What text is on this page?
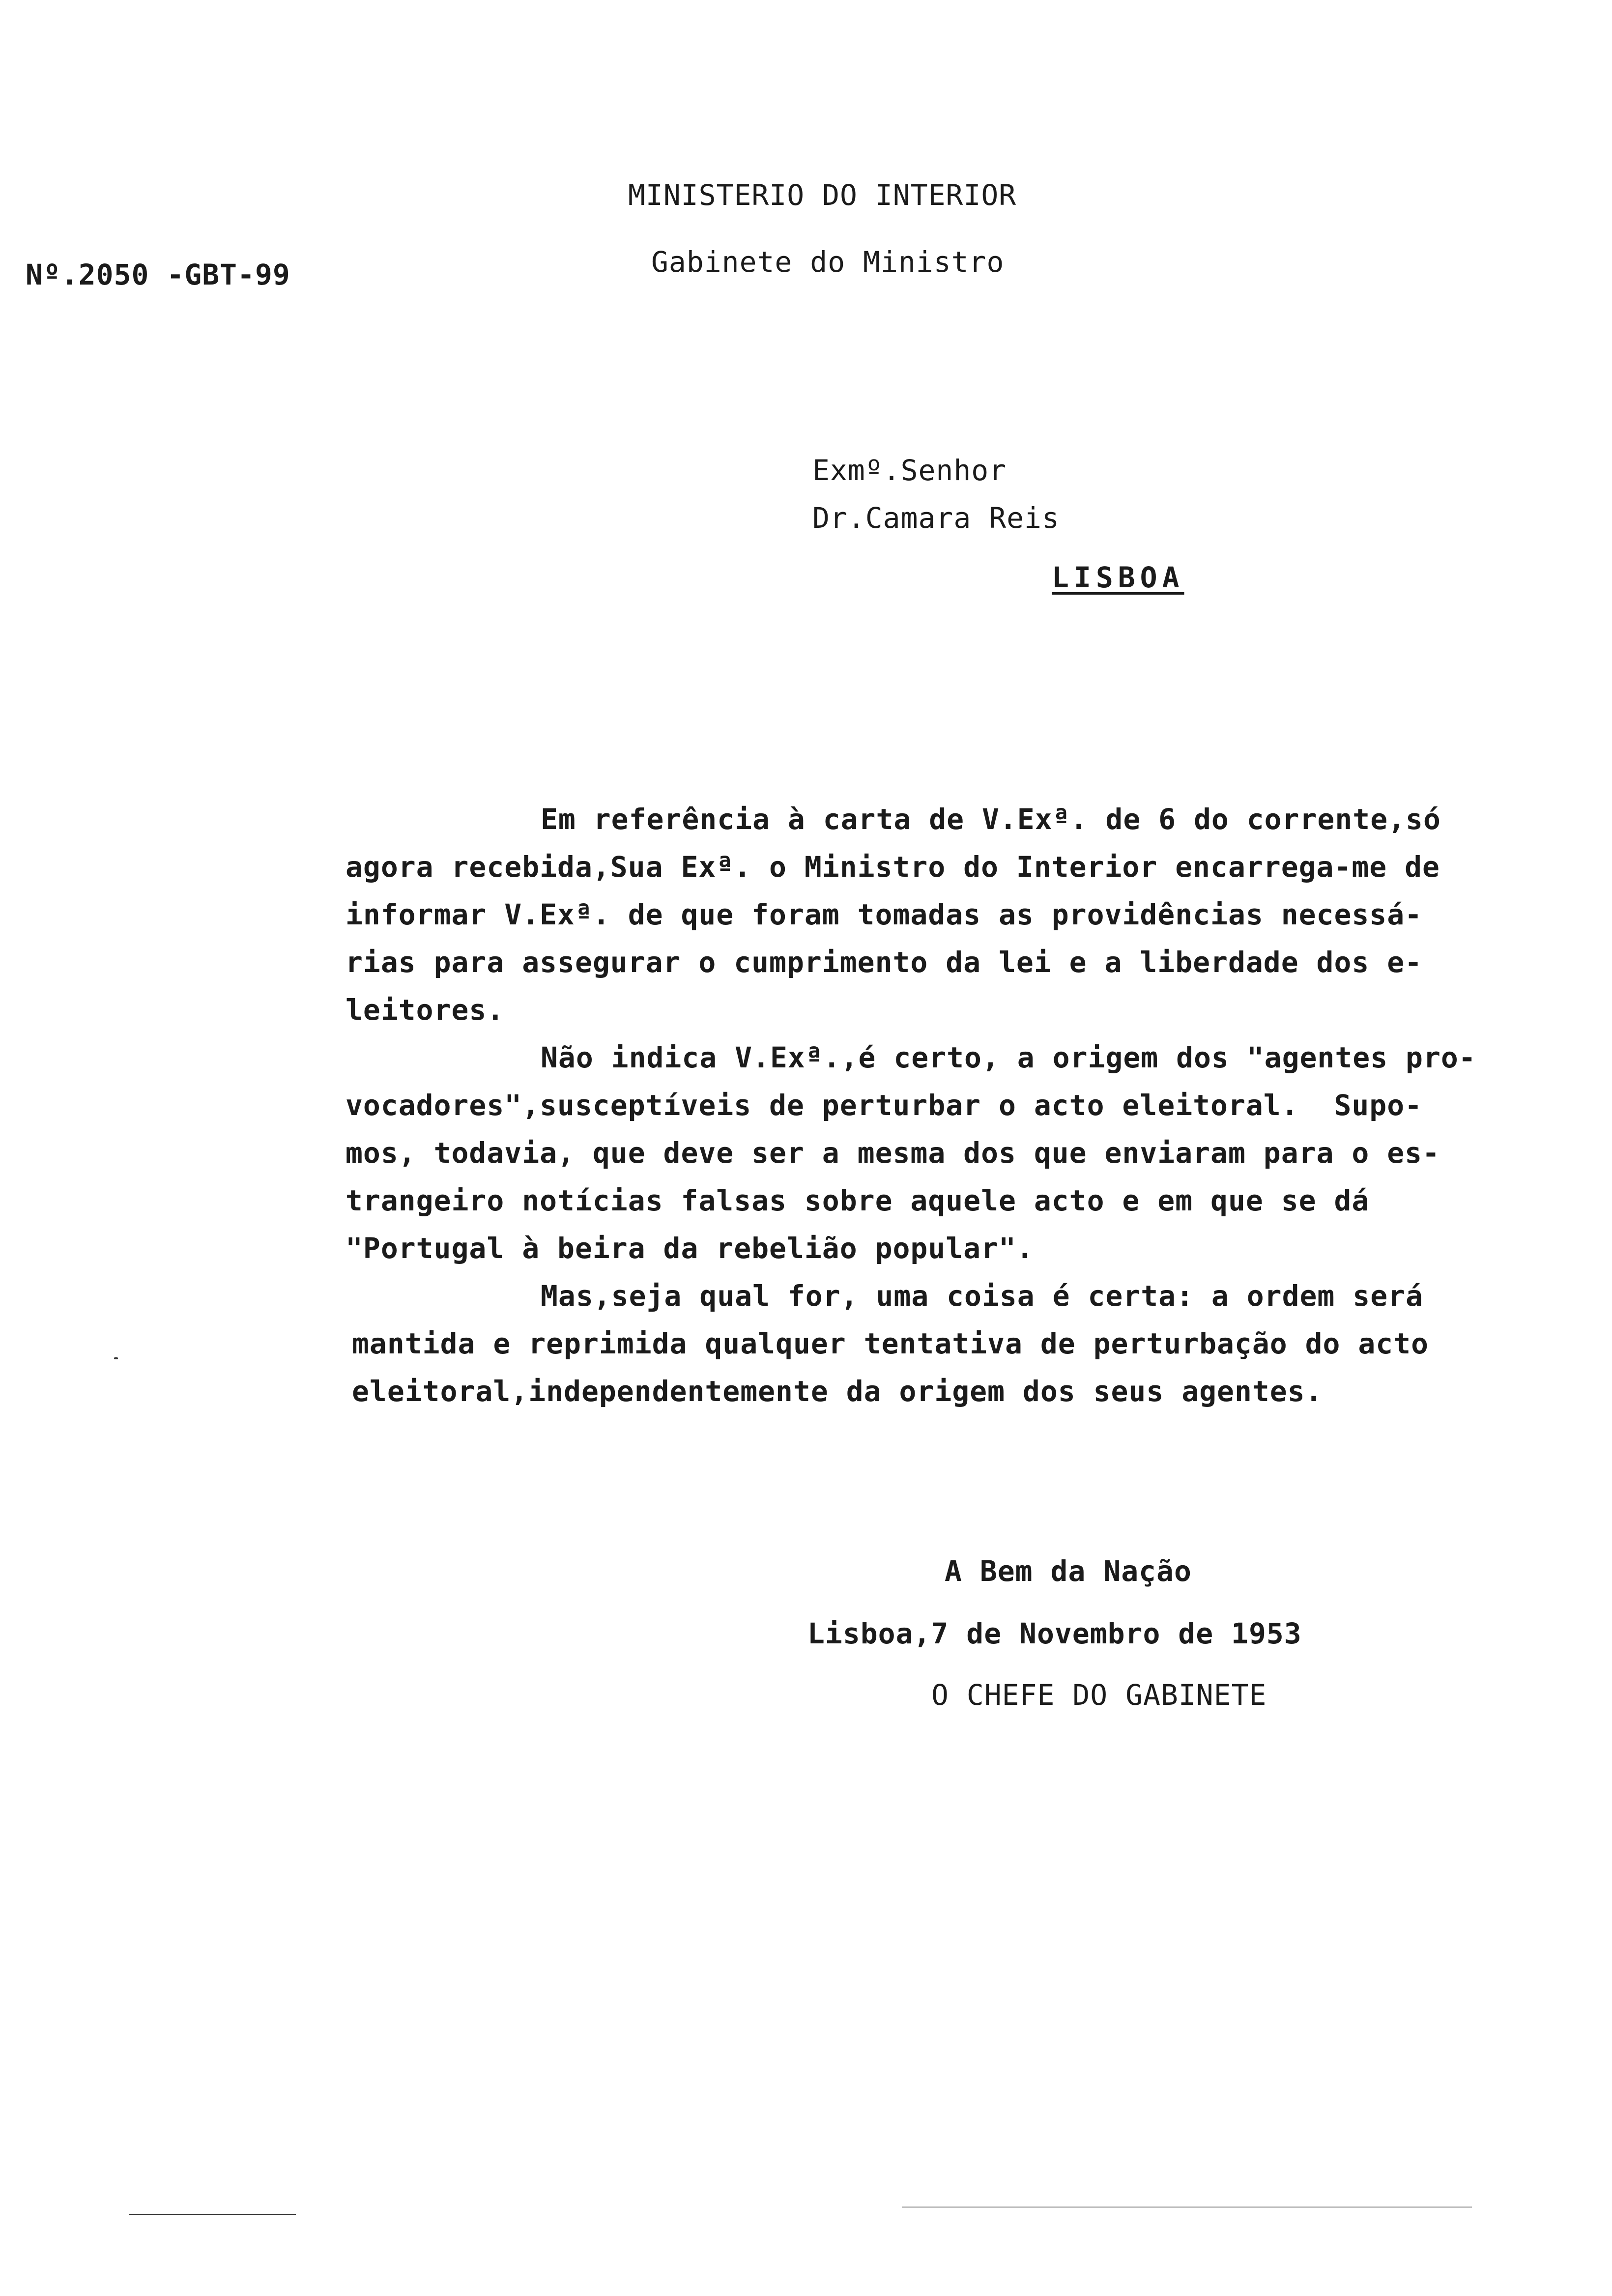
MINISTERIO DO INTERIOR
Gabinete do Ministro
Nº.2050 -GBT-99
Exmº.Senhor
Dr.Camara Reis
LISBOA
Em referência à carta de V.Exª. de 6 do corrente,só
agora recebida,Sua Exª. o Ministro do Interior encarrega-me de
informar V.Exª. de que foram tomadas as providências necessá-
rias para assegurar o cumprimento da lei e a liberdade dos e-
leitores.
Não indica V.Exª.,é certo, a origem dos "agentes pro-
vocadores",susceptíveis de perturbar o acto eleitoral.  Supo-
mos, todavia, que deve ser a mesma dos que enviaram para o es-
trangeiro notícias falsas sobre aquele acto e em que se dá
"Portugal à beira da rebelião popular".
Mas,seja qual for, uma coisa é certa: a ordem será
mantida e reprimida qualquer tentativa de perturbação do acto
eleitoral,independentemente da origem dos seus agentes.
A Bem da Nação
Lisboa,7 de Novembro de 1953
O CHEFE DO GABINETE
